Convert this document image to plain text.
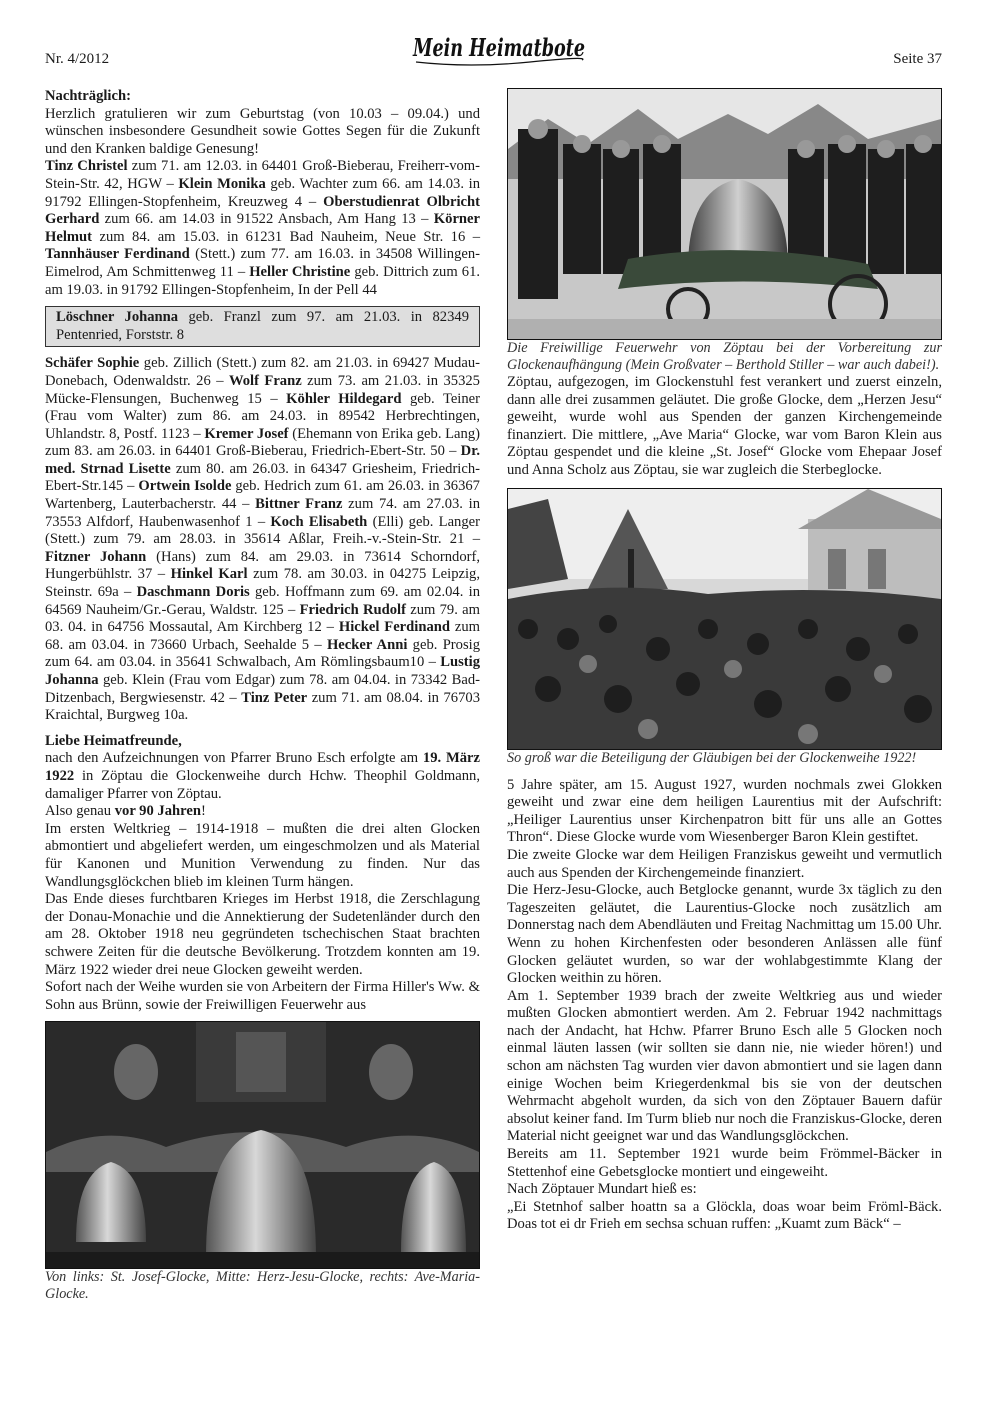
Nr. 4/2012	Mein Heimatbote	Seite 37

Nachträglich:

Herzlich gratulieren wir zum Geburtstag (von 10.03 – 09.04.) und wünschen insbesondere Gesundheit sowie Gottes Segen für die Zukunft und den Kranken baldige Genesung!

Tinz Christel zum 71. am 12.03. in 64401 Groß-Bieberau, Freiherr-vom-Stein-Str. 42, HGW – Klein Monika geb. Wachter zum 66. am 14.03. in 91792 Ellingen-Stopfenheim, Kreuzweg 4 – Oberstudienrat Olbricht Gerhard zum 66. am 14.03 in 91522 Ansbach, Am Hang 13 – Körner Helmut zum 84. am 15.03. in 61231 Bad Nauheim, Neue Str. 16 – Tannhäuser Ferdinand (Stett.) zum 77. am 16.03. in 34508 Willingen-Eimelrod, Am Schmittenweg 11 – Heller Christine geb. Dittrich zum 61. am 19.03. in 91792 Ellingen-Stopfenheim, In der Pell 44

Löschner Johanna geb. Franzl zum 97. am 21.03. in 82349 Pentenried, Forststr. 8

Schäfer Sophie geb. Zillich (Stett.) zum 82. am 21.03. in 69427 Mudau-Donebach, Odenwaldstr. 26 – Wolf Franz zum 73. am 21.03. in 35325 Mücke-Flensungen, Buchenweg 15 – Köhler Hildegard geb. Teiner (Frau vom Walter) zum 86. am 24.03. in 89542 Herbrechtingen, Uhlandstr. 8, Postf. 1123 – Kremer Josef (Ehemann von Erika geb. Lang) zum 83. am 26.03. in 64401 Groß-Bieberau, Friedrich-Ebert-Str. 50 – Dr. med. Strnad Lisette zum 80. am 26.03. in 64347 Griesheim, Friedrich-Ebert-Str.145 – Ortwein Isolde geb. Hedrich zum 61. am 26.03. in 36367 Wartenberg, Lauterbacherstr. 44 – Bittner Franz zum 74. am 27.03. in 73553 Alfdorf, Haubenwasenhof 1 – Koch Elisabeth (Elli) geb. Langer (Stett.) zum 79. am 28.03. in 35614 Aßlar, Freih.-v.-Stein-Str. 21 – Fitzner Johann (Hans) zum 84. am 29.03. in 73614 Schorndorf, Hungerbühlstr. 37 – Hinkel Karl zum 78. am 30.03. in 04275 Leipzig, Steinstr. 69a – Daschmann Doris geb. Hoffmann zum 69. am 02.04. in 64569 Nauheim/Gr.-Gerau, Waldstr. 125 – Friedrich Rudolf zum 79. am 03. 04. in 64756 Mossautal, Am Kirchberg 12 – Hickel Ferdinand zum 68. am 03.04. in 73660 Urbach, Seehalde 5 – Hecker Anni geb. Prosig zum 64. am 03.04. in 35641 Schwalbach, Am Römlingsbaum10 – Lustig Johanna geb. Klein (Frau vom Edgar) zum 78. am 04.04. in 73342 Bad-Ditzenbach, Bergwiesenstr. 42 – Tinz Peter zum 71. am 08.04. in 76703 Kraichtal, Burgweg 10a.

Liebe Heimatfreunde,

nach den Aufzeichnungen von Pfarrer Bruno Esch erfolgte am 19. März 1922 in Zöptau die Glockenweihe durch Hchw. Theophil Goldmann, damaliger Pfarrer von Zöptau.

Also genau vor 90 Jahren!

Im ersten Weltkrieg – 1914-1918 – mußten die drei alten Glocken abmontiert und abgeliefert werden, um eingeschmolzen und als Material für Kanonen und Munition Verwendung zu finden. Nur das Wandlungsglöckchen blieb im kleinen Turm hängen.

Das Ende dieses furchtbaren Krieges im Herbst 1918, die Zerschlagung der Donau-Monachie und die Annektierung der Sudetenländer durch den am 28. Oktober 1918 neu gegründeten tschechischen Staat brachten schwere Zeiten für die deutsche Bevölkerung. Trotzdem konnten am 19. März 1922 wieder drei neue Glocken geweiht werden.

Sofort nach der Weihe wurden sie von Arbeitern der Firma Hiller's Ww. & Sohn aus Brünn, sowie der Freiwilligen Feuerwehr aus

Von links: St. Josef-Glocke, Mitte: Herz-Jesu-Glocke, rechts: Ave-Maria-Glocke.

Die Freiwillige Feuerwehr von Zöptau bei der Vorbereitung zur Glockenaufhängung (Mein Großvater – Berthold Stiller – war auch dabei!).

Zöptau, aufgezogen, im Glockenstuhl fest verankert und zuerst einzeln, dann alle drei zusammen geläutet. Die große Glocke, dem „Herzen Jesu“ geweiht, wurde wohl aus Spenden der ganzen Kirchengemeinde finanziert. Die mittlere, „Ave Maria“ Glocke, war vom Baron Klein aus Zöptau gespendet und die kleine „St. Josef“ Glocke vom Ehepaar Josef und Anna Scholz aus Zöptau, sie war zugleich die Sterbeglocke.

So groß war die Beteiligung der Gläubigen bei der Glockenweihe 1922!

5 Jahre später, am 15. August 1927, wurden nochmals zwei Glokken geweiht und zwar eine dem heiligen Laurentius mit der Aufschrift: „Heiliger Laurentius unser Kirchenpatron bitt für uns alle an Gottes Thron“. Diese Glocke wurde vom Wiesenberger Baron Klein gestiftet.

Die zweite Glocke war dem Heiligen Franziskus geweiht und vermutlich auch aus Spenden der Kirchengemeinde finanziert.

Die Herz-Jesu-Glocke, auch Betglocke genannt, wurde 3x täglich zu den Tageszeiten geläutet, die Laurentius-Glocke noch zusätzlich am Donnerstag nach dem Abendläuten und Freitag Nachmittag um 15.00 Uhr.

Wenn zu hohen Kirchenfesten oder besonderen Anlässen alle fünf Glocken geläutet wurden, so war der wohlabgestimmte Klang der Glocken weithin zu hören.

Am 1. September 1939 brach der zweite Weltkrieg aus und wieder mußten Glocken abmontiert werden. Am 2. Februar 1942 nachmittags nach der Andacht, hat Hchw. Pfarrer Bruno Esch alle 5 Glocken noch einmal läuten lassen (wir sollten sie dann nie, nie wieder hören!) und schon am nächsten Tag wurden vier davon abmontiert und sie lagen dann einige Wochen beim Kriegerdenkmal bis sie von der deutschen Wehrmacht abgeholt wurden, da sich von den Zöptauer Bauern dafür absolut keiner fand. Im Turm blieb nur noch die Franziskus-Glocke, deren Material nicht geeignet war und das Wandlungsglöckchen.

Bereits am 11. September 1921 wurde beim Frömmel-Bäcker in Stettenhof eine Gebetsglocke montiert und eingeweiht.

Nach Zöptauer Mundart hieß es:

„Ei Stetnhof salber hoattn sa a Glöckla, doas woar beim Fröml-Bäck. Doas tot ei dr Frieh em sechsa schuan ruffen: „Kuamt zum Bäck“ –
